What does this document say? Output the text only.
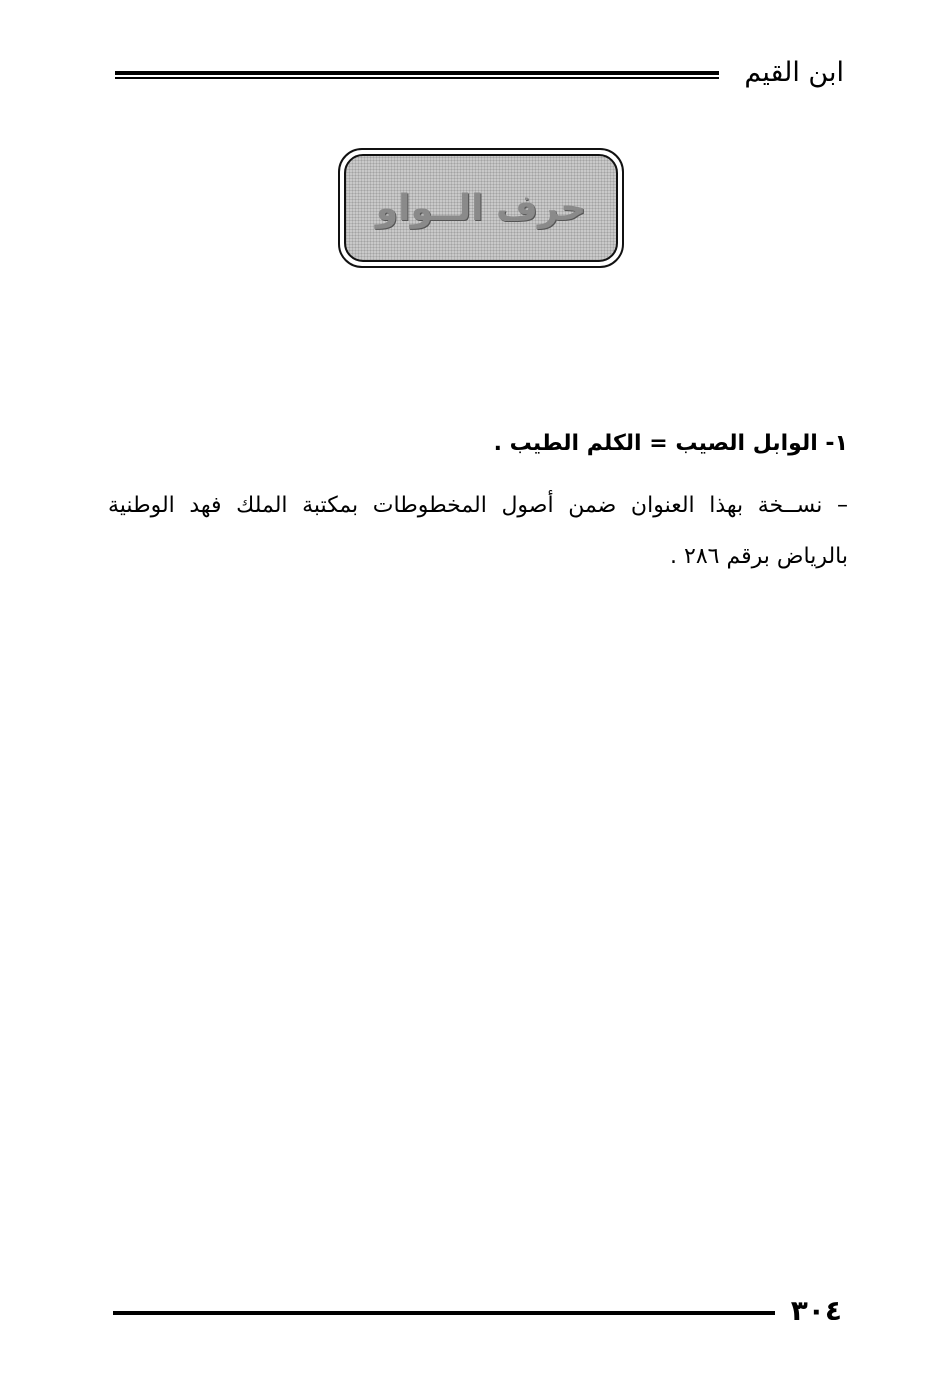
ابن القيم
حرف الــواو
١- الوابل الصيب = الكلم الطيب .
– نســخة بهذا العنوان ضمن أصول المخطوطات بمكتبة الملك فهد الوطنية بالرياض برقم ٢٨٦ .
٣٠٤
